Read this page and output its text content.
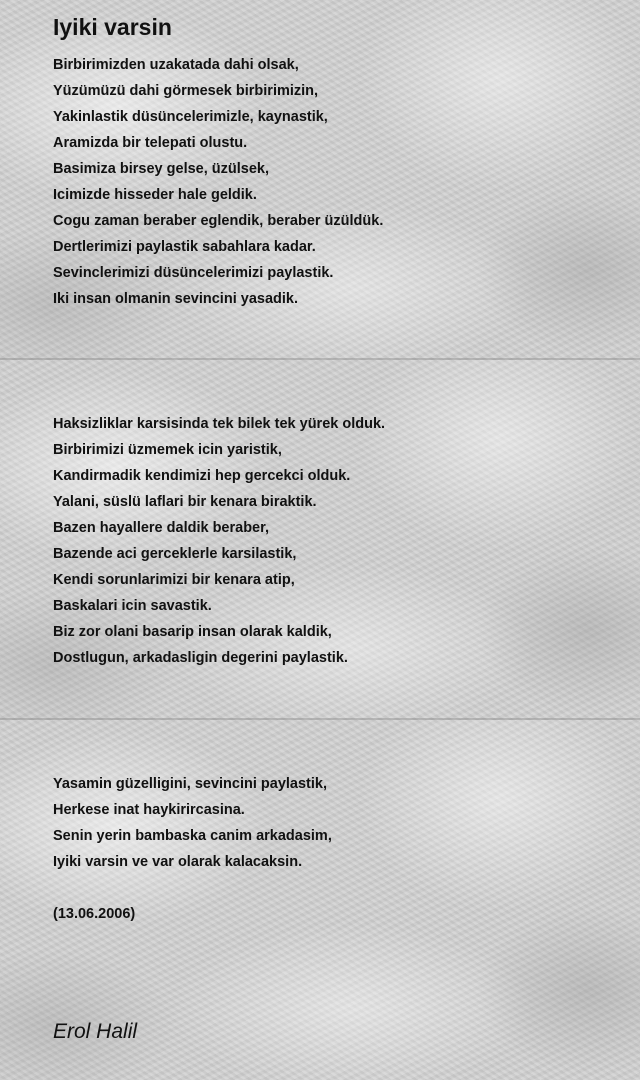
Iyiki varsin
Birbirimizden uzakatada dahi olsak,
Yüzümüzü dahi görmesek birbirimizin,
Yakinlastik düsüncelerimizle, kaynastik,
Aramizda bir telepati olustu.
Basimiza birsey gelse, üzülsek,
Icimizde hisseder hale geldik.
Cogu zaman beraber eglendik, beraber üzüldük.
Dertlerimizi paylastik sabahlara kadar.
Sevinclerimizi düsüncelerimizi paylastik.
Iki insan olmanin sevincini yasadik.
Haksizliklar karsisinda tek bilek tek yürek olduk.
Birbirimizi üzmemek icin yaristik,
Kandirmadik kendimizi hep gercekci olduk.
Yalani, süslü laflari bir kenara biraktik.
Bazen hayallere daldik beraber,
Bazende aci gerceklerle karsilastik,
Kendi sorunlarimizi bir kenara atip,
Baskalari icin savastik.
Biz zor olani basarip insan olarak kaldik,
Dostlugun, arkadasligin degerini paylastik.
Yasamin güzelligini, sevincini paylastik,
Herkese inat haykirircasina.
Senin yerin bambaska canim arkadasim,
Iyiki varsin ve var olarak kalacaksin.
(13.06.2006)
Erol Halil
